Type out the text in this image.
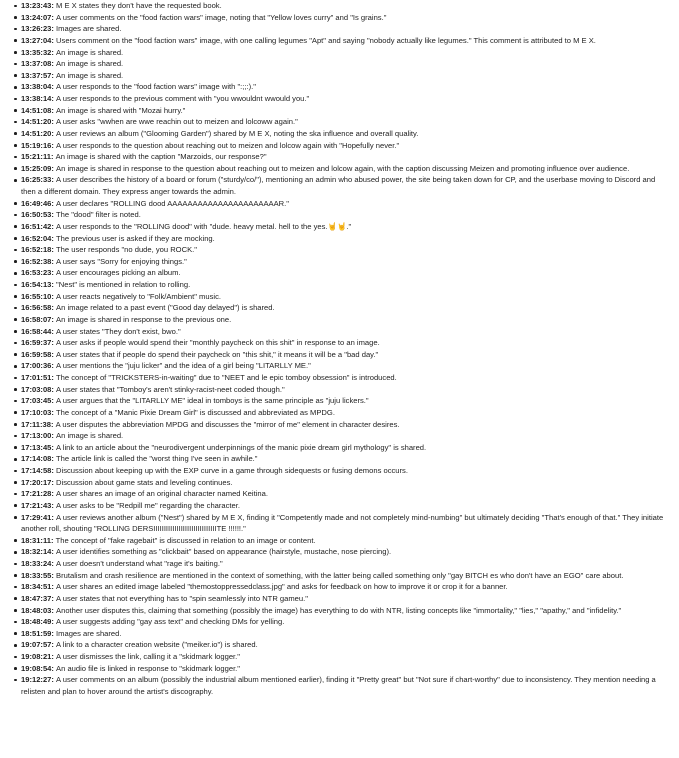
13:23:43: M E X states they don't have the requested book.
13:24:07: A user comments on the "food faction wars" image, noting that "Yellow loves curry" and "Is grains."
13:26:23: Images are shared.
13:27:04: Users comment on the "food faction wars" image, with one calling legumes "Apt" and saying "nobody actually like legumes." This comment is attributed to M E X.
13:35:32: An image is shared.
13:37:08: An image is shared.
13:37:57: An image is shared.
13:38:04: A user responds to the "food faction wars" image with ":;;:)."
13:38:14: A user responds to the previous comment with "you wwouldnt wwould you."
14:51:08: An image is shared with "Mozai hurry."
14:51:20: A user asks "wwhen are wwe reachin out to meizen and lolcoww again."
14:51:20: A user reviews an album ("Glooming Garden") shared by M E X, noting the ska influence and overall quality.
15:19:16: A user responds to the question about reaching out to meizen and lolcow again with "Hopefully never."
15:21:11: An image is shared with the caption "Marzoids, our response?"
15:25:09: An image is shared in response to the question about reaching out to meizen and lolcow again, with the caption discussing Meizen and promoting influence over audience.
16:25:33: A user describes the history of a board or forum ("sturdy/co/"), mentioning an admin who abused power, the site being taken down for CP, and the userbase moving to Discord and then a different domain. They express anger towards the admin.
16:49:46: A user declares "ROLLING dood AAAAAAAAAAAAAAAAAAAAAAR."
16:50:53: The "dood" filter is noted.
16:51:42: A user responds to the "ROLLING dood" with "dude. heavy metal. hell to the yes.🤘🤘."
16:52:04: The previous user is asked if they are mocking.
16:52:18: The user responds "no dude, you ROCK."
16:52:38: A user says "Sorry for enjoying things."
16:53:23: A user encourages picking an album.
16:54:13: "Nest" is mentioned in relation to rolling.
16:55:10: A user reacts negatively to "Folk/Ambient" music.
16:56:58: An image related to a past event ("Good day delayed") is shared.
16:58:07: An image is shared in response to the previous one.
16:58:44: A user states "They don't exist, bwo."
16:59:37: A user asks if people would spend their "monthly paycheck on this shit" in response to an image.
16:59:58: A user states that if people do spend their paycheck on "this shit," it means it will be a "bad day."
17:00:36: A user mentions the "juju licker" and the idea of a girl being "LITARLLY ME."
17:01:51: The concept of "TRICKSTERS-in-waiting" due to "NEET and le epic tomboy obsession" is introduced.
17:03:08: A user states that "Tomboy's aren't stinky-racist-neet coded though."
17:03:45: A user argues that the "LITARLLY ME" ideal in tomboys is the same principle as "juju lickers."
17:10:03: The concept of a "Manic Pixie Dream Girl" is discussed and abbreviated as MPDG.
17:11:38: A user disputes the abbreviation MPDG and discusses the "mirror of me" element in character desires.
17:13:00: An image is shared.
17:13:45: A link to an article about the "neurodivergent underpinnings of the manic pixie dream girl mythology" is shared.
17:14:08: The article link is called the "worst thing I've seen in awhile."
17:14:58: Discussion about keeping up with the EXP curve in a game through sidequests or fusing demons occurs.
17:20:17: Discussion about game stats and leveling continues.
17:21:28: A user shares an image of an original character named Keitina.
17:21:43: A user asks to be "Redpill me" regarding the character.
17:29:41: A user reviews another album ("Nest") shared by M E X, finding it "Competently made and not completely mind-numbing" but ultimately deciding "That's enough of that." They initiate another roll, shouting "ROLLING DERSIIIIIIIIIIIIIIIIIIIIIIIIIIIIIITE !!!!!!."
18:31:11: The concept of "fake ragebait" is discussed in relation to an image or content.
18:32:14: A user identifies something as "clickbait" based on appearance (hairstyle, mustache, nose piercing).
18:33:24: A user doesn't understand what "rage it's baiting."
18:33:55: Brutalism and crash resilience are mentioned in the context of something, with the latter being called something only "gay BITCH es who don't have an EGO" care about.
18:34:51: A user shares an edited image labeled "themostoppressedclass.jpg" and asks for feedback on how to improve it or crop it for a banner.
18:47:37: A user states that not everything has to "spin seamlessly into NTR gameu."
18:48:03: Another user disputes this, claiming that something (possibly the image) has everything to do with NTR, listing concepts like "immortality," "lies," "apathy," and "infidelity."
18:48:49: A user suggests adding "gay ass text" and checking DMs for yelling.
18:51:59: Images are shared.
19:07:57: A link to a character creation website ("meiker.io") is shared.
19:08:21: A user dismisses the link, calling it a "skidmark logger."
19:08:54: An audio file is linked in response to "skidmark logger."
19:12:27: A user comments on an album (possibly the industrial album mentioned earlier), finding it "Pretty great" but "Not sure if chart-worthy" due to inconsistency. They mention needing a relisten and plan to hover around the artist's discography.
